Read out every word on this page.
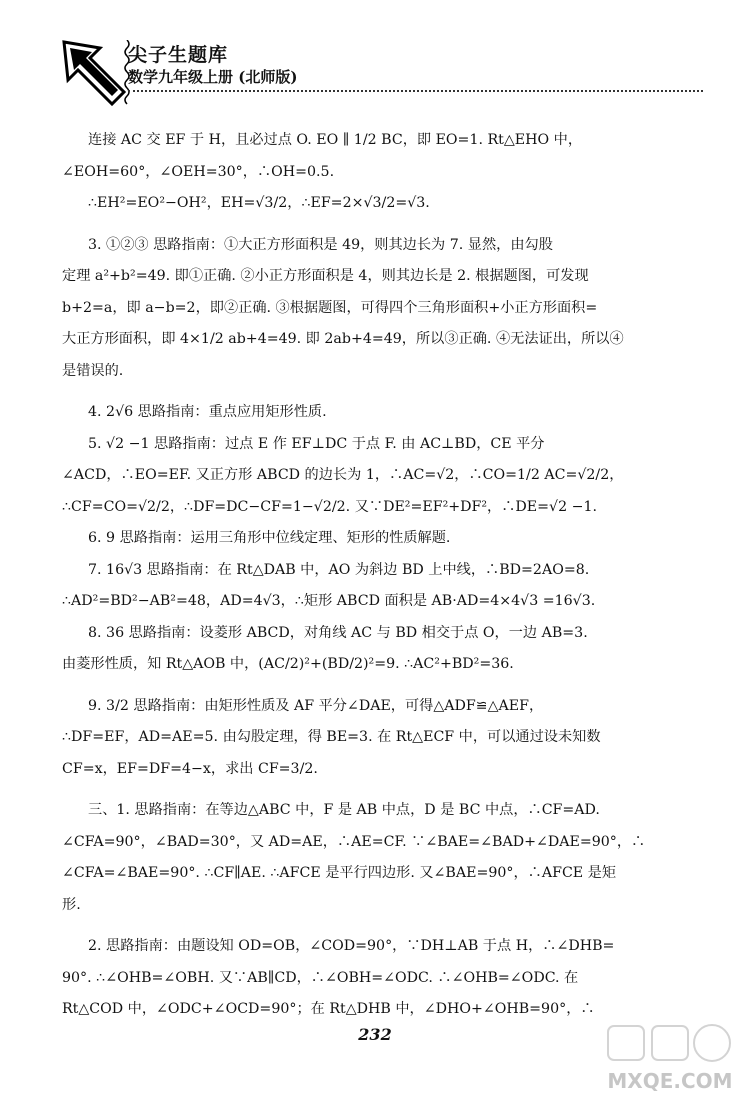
尖子生题库
数学九年级上册 (北师版)

连接 AC 交 EF 于 H，且必过点 O. EO ∥ 1/2 BC，即 EO=1. Rt△EHO 中，

∠EOH=60°，∠OEH=30°，∴OH=0.5.

∴EH²=EO²−OH²，EH=√3/2，∴EF=2×√3/2=√3.

3. ①②③ 思路指南：①大正方形面积是 49，则其边长为 7. 显然，由勾股

定理 a²+b²=49. 即①正确. ②小正方形面积是 4，则其边长是 2. 根据题图，可发现

b+2=a，即 a−b=2，即②正确. ③根据题图，可得四个三角形面积+小正方形面积=

大正方形面积，即 4×1/2 ab+4=49. 即 2ab+4=49，所以③正确. ④无法证出，所以④

是错误的.

4. 2√6 思路指南：重点应用矩形性质.

5. √2 −1 思路指南：过点 E 作 EF⊥DC 于点 F. 由 AC⊥BD，CE 平分

∠ACD，∴EO=EF. 又正方形 ABCD 的边长为 1，∴AC=√2，∴CO=1/2 AC=√2/2，

∴CF=CO=√2/2，∴DF=DC−CF=1−√2/2. 又∵DE²=EF²+DF²，∴DE=√2 −1.

6. 9 思路指南：运用三角形中位线定理、矩形的性质解题.

7. 16√3 思路指南：在 Rt△DAB 中，AO 为斜边 BD 上中线，∴BD=2AO=8.

∴AD²=BD²−AB²=48，AD=4√3，∴矩形 ABCD 面积是 AB·AD=4×4√3 =16√3.

8. 36 思路指南：设菱形 ABCD，对角线 AC 与 BD 相交于点 O，一边 AB=3.

由菱形性质，知 Rt△AOB 中，(AC/2)²+(BD/2)²=9. ∴AC²+BD²=36.

9. 3/2 思路指南：由矩形性质及 AF 平分∠DAE，可得△ADF≌△AEF，

∴DF=EF，AD=AE=5. 由勾股定理，得 BE=3. 在 Rt△ECF 中，可以通过设未知数

CF=x，EF=DF=4−x，求出 CF=3/2.

三、1. 思路指南：在等边△ABC 中，F 是 AB 中点，D 是 BC 中点，∴CF=AD.

∠CFA=90°，∠BAD=30°，又 AD=AE，∴AE=CF. ∵∠BAE=∠BAD+∠DAE=90°，∴

∠CFA=∠BAE=90°. ∴CF∥AE. ∴AFCE 是平行四边形. 又∠BAE=90°，∴AFCE 是矩

形.

2. 思路指南：由题设知 OD=OB，∠COD=90°，∵DH⊥AB 于点 H，∴∠DHB=

90°. ∴∠OHB=∠OBH. 又∵AB∥CD，∴∠OBH=∠ODC. ∴∠OHB=∠ODC. 在

Rt△COD 中，∠ODC+∠OCD=90°；在 Rt△DHB 中，∠DHO+∠OHB=90°，∴

232
MXQE.COM
